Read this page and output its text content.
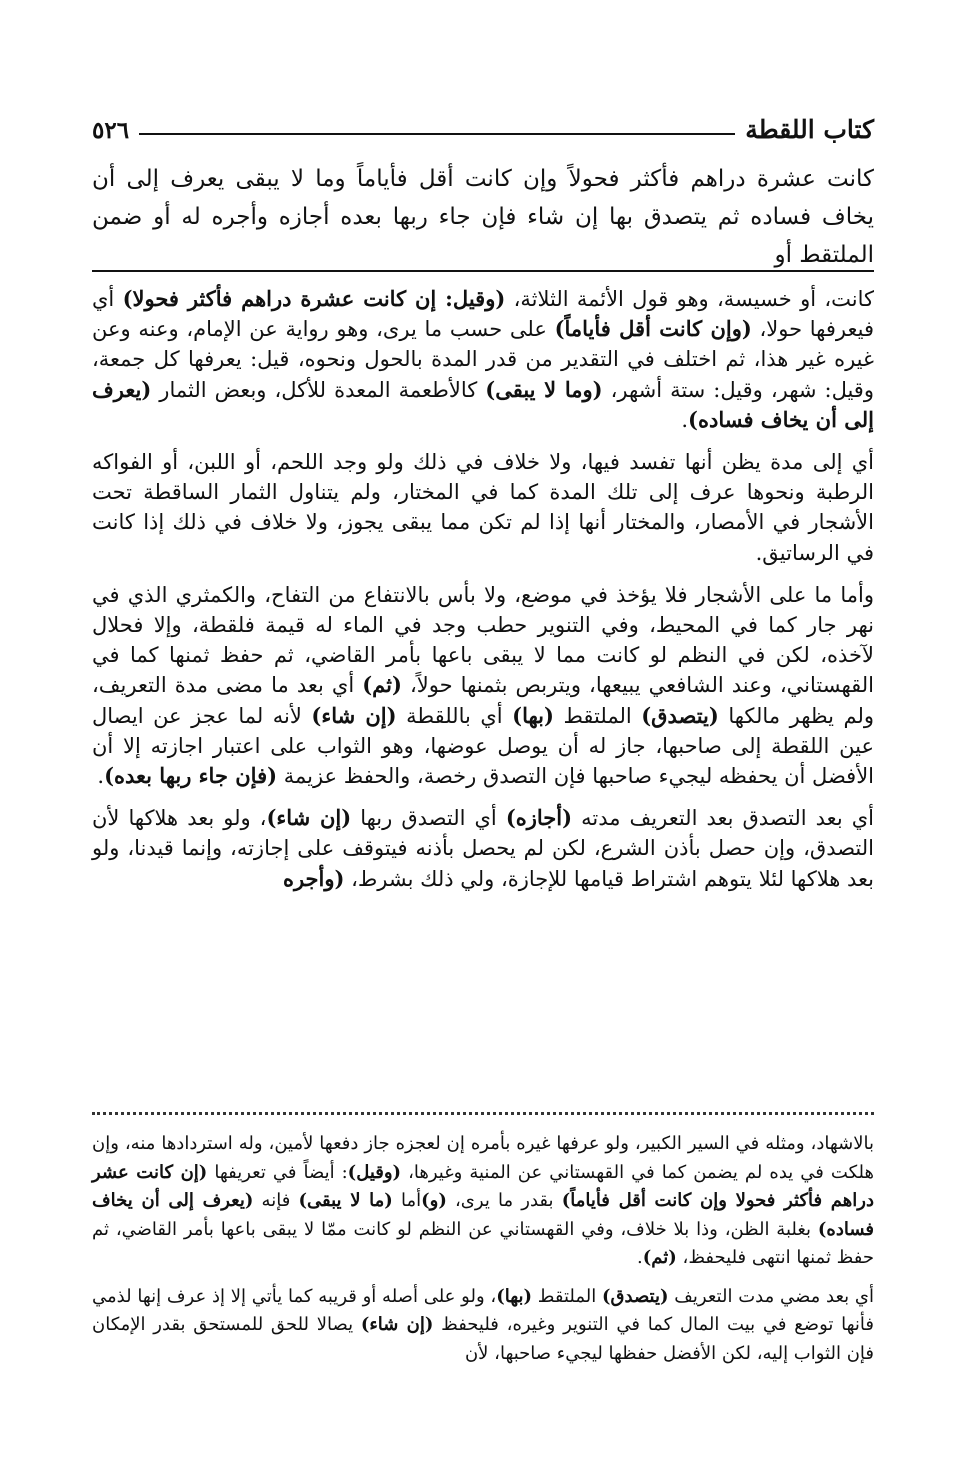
كتاب اللقطة
٥٢٦
كانت عشرة دراهم فأكثر فحولاً وإن كانت أقل فأياماً وما لا يبقى يعرف إلى أن يخاف فساده ثم يتصدق بها إن شاء فإن جاء ربها بعده أجازه وأجره له أو ضمن الملتقط أو

كانت، أو خسيسة، وهو قول الأئمة الثلاثة، (وقيل: إن كانت عشرة دراهم فأكثر فحولا) أي فيعرفها حولا، (وإن كانت أقل فأياماً) على حسب ما يرى، وهو رواية عن الإمام، وعنه وعن غيره غير هذا، ثم اختلف في التقدير من قدر المدة بالحول ونحوه، قيل: يعرفها كل جمعة، وقيل: شهر، وقيل: ستة أشهر، (وما لا يبقى) كالأطعمة المعدة للأكل، وبعض الثمار (يعرف إلى أن يخاف فساده).

أي إلى مدة يظن أنها تفسد فيها، ولا خلاف في ذلك ولو وجد اللحم، أو اللبن، أو الفواكه الرطبة ونحوها عرف إلى تلك المدة كما في المختار، ولم يتناول الثمار الساقطة تحت الأشجار في الأمصار، والمختار أنها إذا لم تكن مما يبقى يجوز، ولا خلاف في ذلك إذا كانت في الرساتيق.

وأما ما على الأشجار فلا يؤخذ في موضع، ولا بأس بالانتفاع من التفاح، والكمثري الذي في نهر جار كما في المحيط، وفي التنوير حطب وجد في الماء له قيمة فلقطة، وإلا فحلال لآخذه، لكن في النظم لو كانت مما لا يبقى باعها بأمر القاضي، ثم حفظ ثمنها كما في القهستاني، وعند الشافعي يبيعها، ويتربص بثمنها حولاً، (ثم) أي بعد ما مضى مدة التعريف، ولم يظهر مالكها (يتصدق) الملتقط (بها) أي باللقطة (إن شاء) لأنه لما عجز عن ايصال عين اللقطة إلى صاحبها، جاز له أن يوصل عوضها، وهو الثواب على اعتبار اجازته إلا أن الأفضل أن يحفظه ليجيء صاحبها فإن التصدق رخصة، والحفظ عزيمة (فإن جاء ربها بعده).

أي بعد التصدق بعد التعريف مدته (أجازه) أي التصدق ربها (إن شاء)، ولو بعد هلاكها لأن التصدق، وإن حصل بأذن الشرع، لكن لم يحصل بأذنه فيتوقف على إجازته، وإنما قيدنا، ولو بعد هلاكها لئلا يتوهم اشتراط قيامها للإجازة، ولي ذلك بشرط، (وأجره

بالاشهاد، ومثله في السير الكبير، ولو عرفها غيره بأمره إن لعجزه جاز دفعها لأمين، وله استردادها منه، وإن هلكت في يده لم يضمن كما في القهستاني عن المنية وغيرها، (وقيل): أيضاً في تعريفها (إن كانت عشر دراهم فأكثر فحولا وإن كانت أقل فأياماً) بقدر ما يرى، (و)أما (ما لا يبقى) فإنه (يعرف إلى أن يخاف فساده) بغلبة الظن، وذا بلا خلاف، وفي القهستاني عن النظم لو كانت ممّا لا يبقى باعها بأمر القاضي، ثم حفظ ثمنها انتهى فليحفظ، (ثم).

أي بعد مضي مدت التعريف (يتصدق) الملتقط (بها)، ولو على أصله أو قريبه كما يأتي إلا إذ عرف إنها لذمي فأنها توضع في بيت المال كما في التنوير وغيره، فليحفظ (إن شاء) يصالا للحق للمستحق بقدر الإمكان فإن الثواب إليه، لكن الأفضل حفظها ليجيء صاحبها، لأن
